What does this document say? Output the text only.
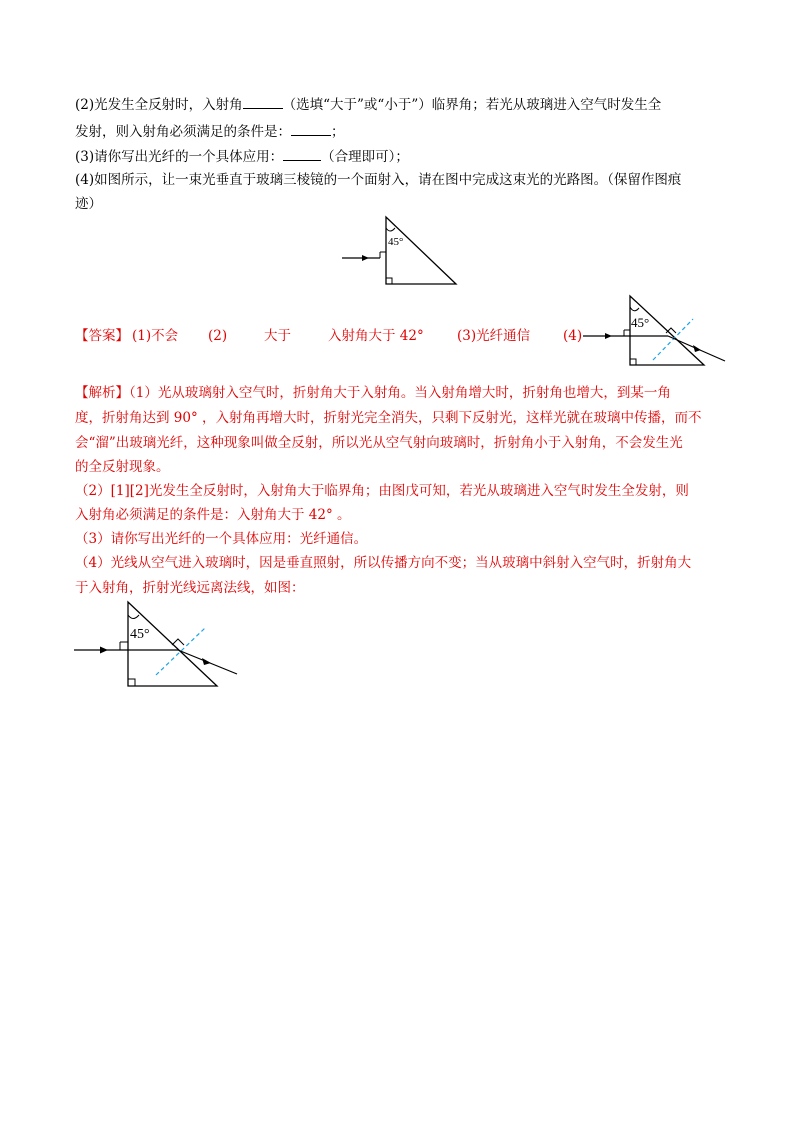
(2)光发生全反射时，入射角	（选填“大于”或“小于”）临界角；若光从玻璃进入空气时发生全
发射，则入射角必须满足的条件是：	；
(3)请你写出光纤的一个具体应用：	（合理即可）；
(4)如图所示，让一束光垂直于玻璃三棱镜的一个面射入，请在图中完成这束光的光路图。（保留作图痕
迹）
45°
【答案】 (1)不会 (2)	大于	入射角大于 42° (3)光纤通信 (4)
45°
【解析】（1）光从玻璃射入空气时，折射角大于入射角。当入射角增大时，折射角也增大，到某一角
度，折射角达到 90° ，入射角再增大时，折射光完全消失，只剩下反射光，这样光就在玻璃中传播，而不
会“溜”出玻璃光纤，这种现象叫做全反射，所以光从空气射向玻璃时，折射角小于入射角，不会发生光
的全反射现象。
（2）[1][2]光发生全反射时，入射角大于临界角；由图戊可知，若光从玻璃进入空气时发生全发射，则
入射角必须满足的条件是：入射角大于 42° 。
（3）请你写出光纤的一个具体应用：光纤通信。
（4）光线从空气进入玻璃时，因是垂直照射，所以传播方向不变；当从玻璃中斜射入空气时，折射角大
于入射角，折射光线远离法线，如图：
45°
